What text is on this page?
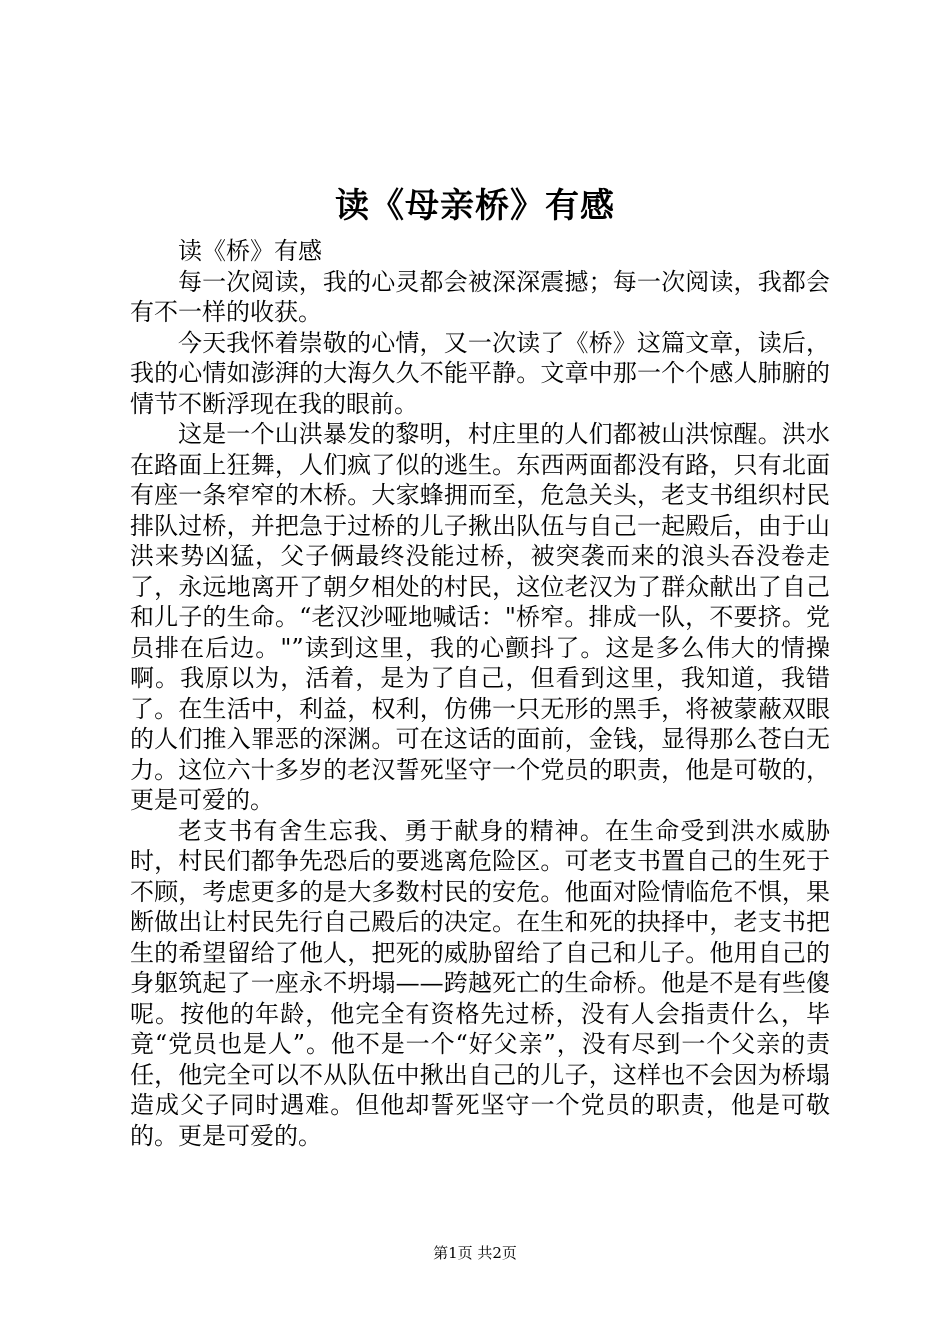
读《母亲桥》有感

读《桥》有感

每一次阅读，我的心灵都会被深深震撼；每一次阅读，我都会有不一样的收获。

今天我怀着崇敬的心情，又一次读了《桥》这篇文章，读后，我的心情如澎湃的大海久久不能平静。文章中那一个个感人肺腑的情节不断浮现在我的眼前。

这是一个山洪暴发的黎明，村庄里的人们都被山洪惊醒。洪水在路面上狂舞，人们疯了似的逃生。东西两面都没有路，只有北面有座一条窄窄的木桥。大家蜂拥而至，危急关头，老支书组织村民排队过桥，并把急于过桥的儿子揪出队伍与自己一起殿后，由于山洪来势凶猛，父子俩最终没能过桥，被突袭而来的浪头吞没卷走了，永远地离开了朝夕相处的村民，这位老汉为了群众献出了自己和儿子的生命。“老汉沙哑地喊话："桥窄。排成一队，不要挤。党员排在后边。"”读到这里，我的心颤抖了。这是多么伟大的情操啊。我原以为，活着，是为了自己，但看到这里，我知道，我错了。在生活中，利益，权利，仿佛一只无形的黑手，将被蒙蔽双眼的人们推入罪恶的深渊。可在这话的面前，金钱，显得那么苍白无力。这位六十多岁的老汉誓死坚守一个党员的职责，他是可敬的，更是可爱的。

老支书有舍生忘我、勇于献身的精神。在生命受到洪水威胁时，村民们都争先恐后的要逃离危险区。可老支书置自己的生死于不顾，考虑更多的是大多数村民的安危。他面对险情临危不惧，果断做出让村民先行自己殿后的决定。在生和死的抉择中，老支书把生的希望留给了他人，把死的威胁留给了自己和儿子。他用自己的身躯筑起了一座永不坍塌——跨越死亡的生命桥。他是不是有些傻呢。按他的年龄，他完全有资格先过桥，没有人会指责什么，毕竟“党员也是人”。他不是一个“好父亲”，没有尽到一个父亲的责任，他完全可以不从队伍中揪出自己的儿子，这样也不会因为桥塌造成父子同时遇难。但他却誓死坚守一个党员的职责，他是可敬的。更是可爱的。

第1页 共2页
